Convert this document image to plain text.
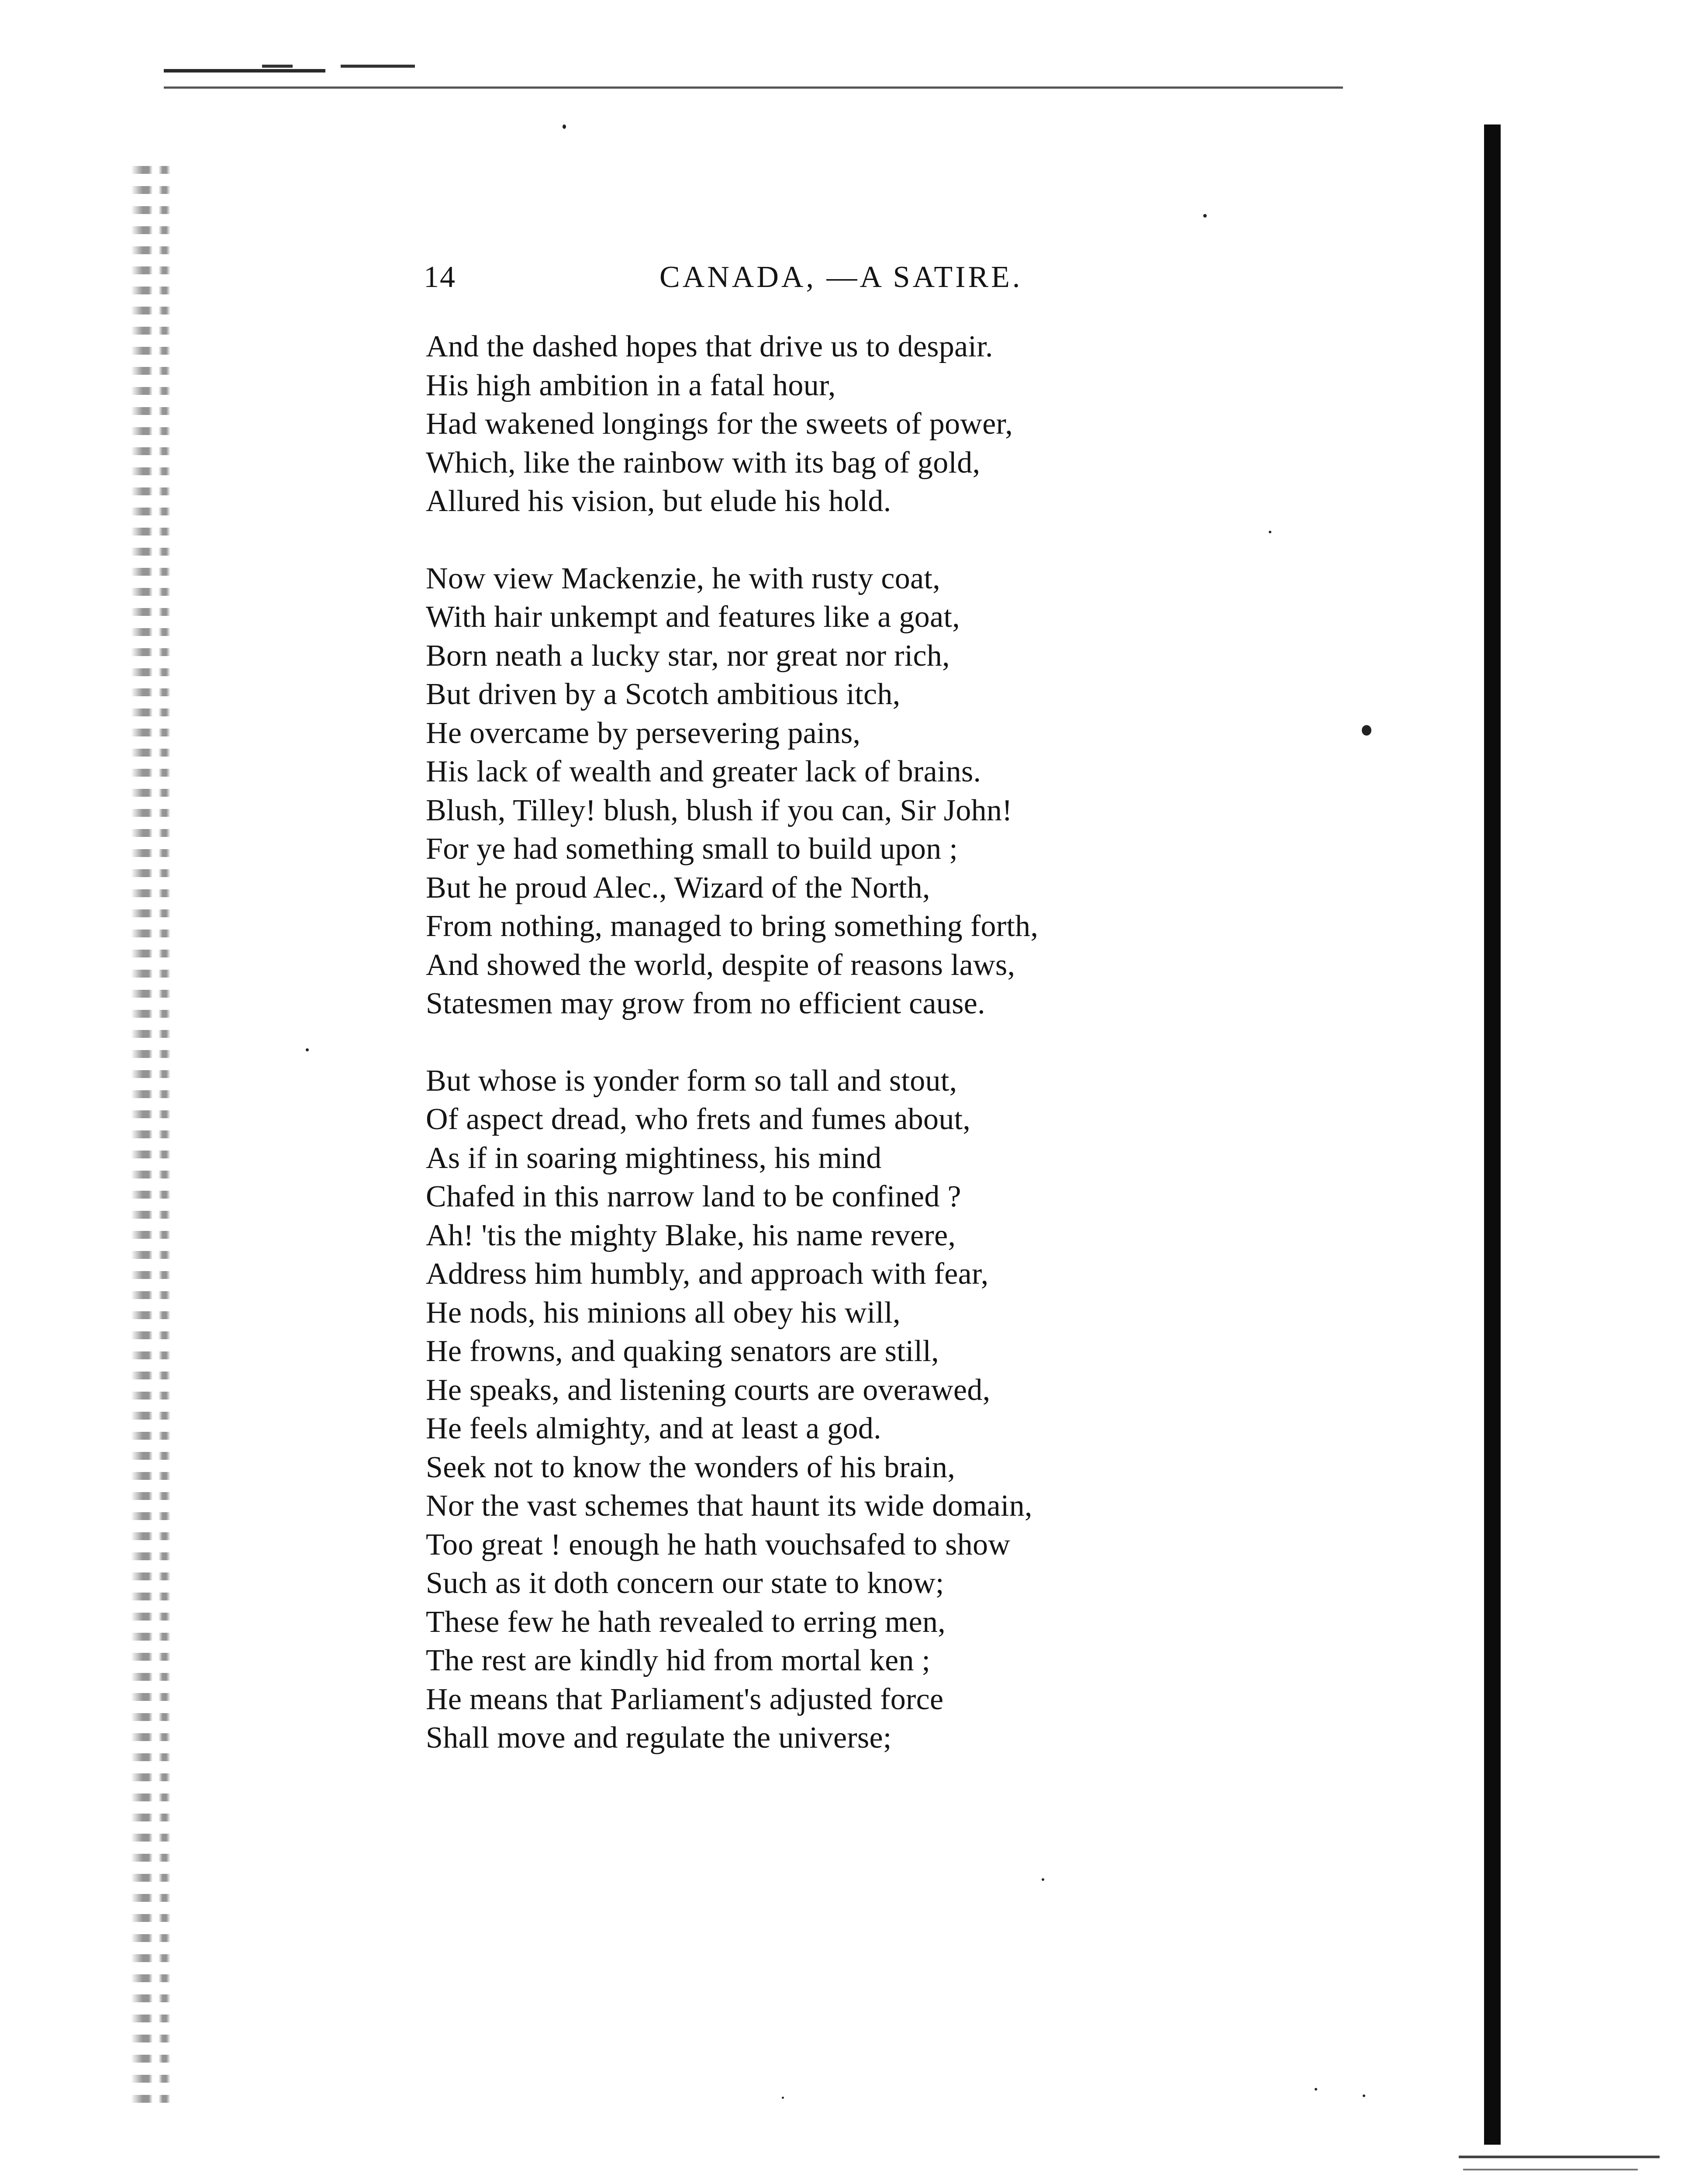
14	CANADA, —A SATIRE.
And the dashed hopes that drive us to despair.
His high ambition in a fatal hour,
Had wakened longings for the sweets of power,
Which, like the rainbow with its bag of gold,
Allured his vision, but elude his hold.
Now view Mackenzie, he with rusty coat,
With hair unkempt and features like a goat,
Born neath a lucky star, nor great nor rich,
But driven by a Scotch ambitious itch,
He overcame by persevering pains,
His lack of wealth and greater lack of brains.
Blush, Tilley! blush, blush if you can, Sir John!
For ye had something small to build upon ;
But he proud Alec., Wizard of the North,
From nothing, managed to bring something forth,
And showed the world, despite of reasons laws,
Statesmen may grow from no efficient cause.
But whose is yonder form so tall and stout,
Of aspect dread, who frets and fumes about,
As if in soaring mightiness, his mind
Chafed in this narrow land to be confined ?
Ah! 'tis the mighty Blake, his name revere,
Address him humbly, and approach with fear,
He nods, his minions all obey his will,
He frowns, and quaking senators are still,
He speaks, and listening courts are overawed,
He feels almighty, and at least a god.
Seek not to know the wonders of his brain,
Nor the vast schemes that haunt its wide domain,
Too great ! enough he hath vouchsafed to show
Such as it doth concern our state to know;
These few he hath revealed to erring men,
The rest are kindly hid from mortal ken ;
He means that Parliament's adjusted force
Shall move and regulate the universe;
